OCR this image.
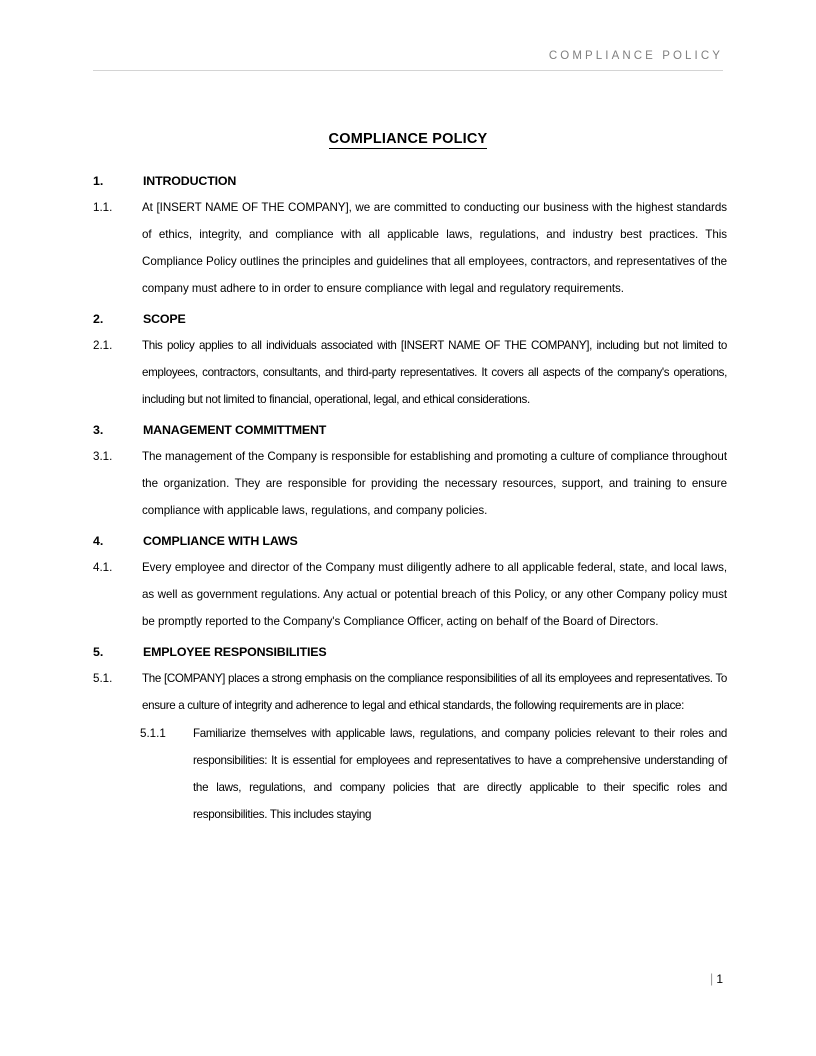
COMPLIANCE POLICY
COMPLIANCE POLICY
1.	INTRODUCTION
1.1.	At [INSERT NAME OF THE COMPANY], we are committed to conducting our business with the highest standards of ethics, integrity, and compliance with all applicable laws, regulations, and industry best practices. This Compliance Policy outlines the principles and guidelines that all employees, contractors, and representatives of the company must adhere to in order to ensure compliance with legal and regulatory requirements.
2.	SCOPE
2.1.	This policy applies to all individuals associated with [INSERT NAME OF THE COMPANY], including but not limited to employees, contractors, consultants, and third-party representatives. It covers all aspects of the company's operations, including but not limited to financial, operational, legal, and ethical considerations.
3.	MANAGEMENT COMMITTMENT
3.1.	The management of the Company is responsible for establishing and promoting a culture of compliance throughout the organization. They are responsible for providing the necessary resources, support, and training to ensure compliance with applicable laws, regulations, and company policies.
4.	COMPLIANCE WITH LAWS
4.1.	Every employee and director of the Company must diligently adhere to all applicable federal, state, and local laws, as well as government regulations. Any actual or potential breach of this Policy, or any other Company policy must be promptly reported to the Company's Compliance Officer, acting on behalf of the Board of Directors.
5.	EMPLOYEE RESPONSIBILITIES
5.1.	The [COMPANY] places a strong emphasis on the compliance responsibilities of all its employees and representatives. To ensure a culture of integrity and adherence to legal and ethical standards, the following requirements are in place:
5.1.1	Familiarize themselves with applicable laws, regulations, and company policies relevant to their roles and responsibilities: It is essential for employees and representatives to have a comprehensive understanding of the laws, regulations, and company policies that are directly applicable to their specific roles and responsibilities. This includes staying
| 1
